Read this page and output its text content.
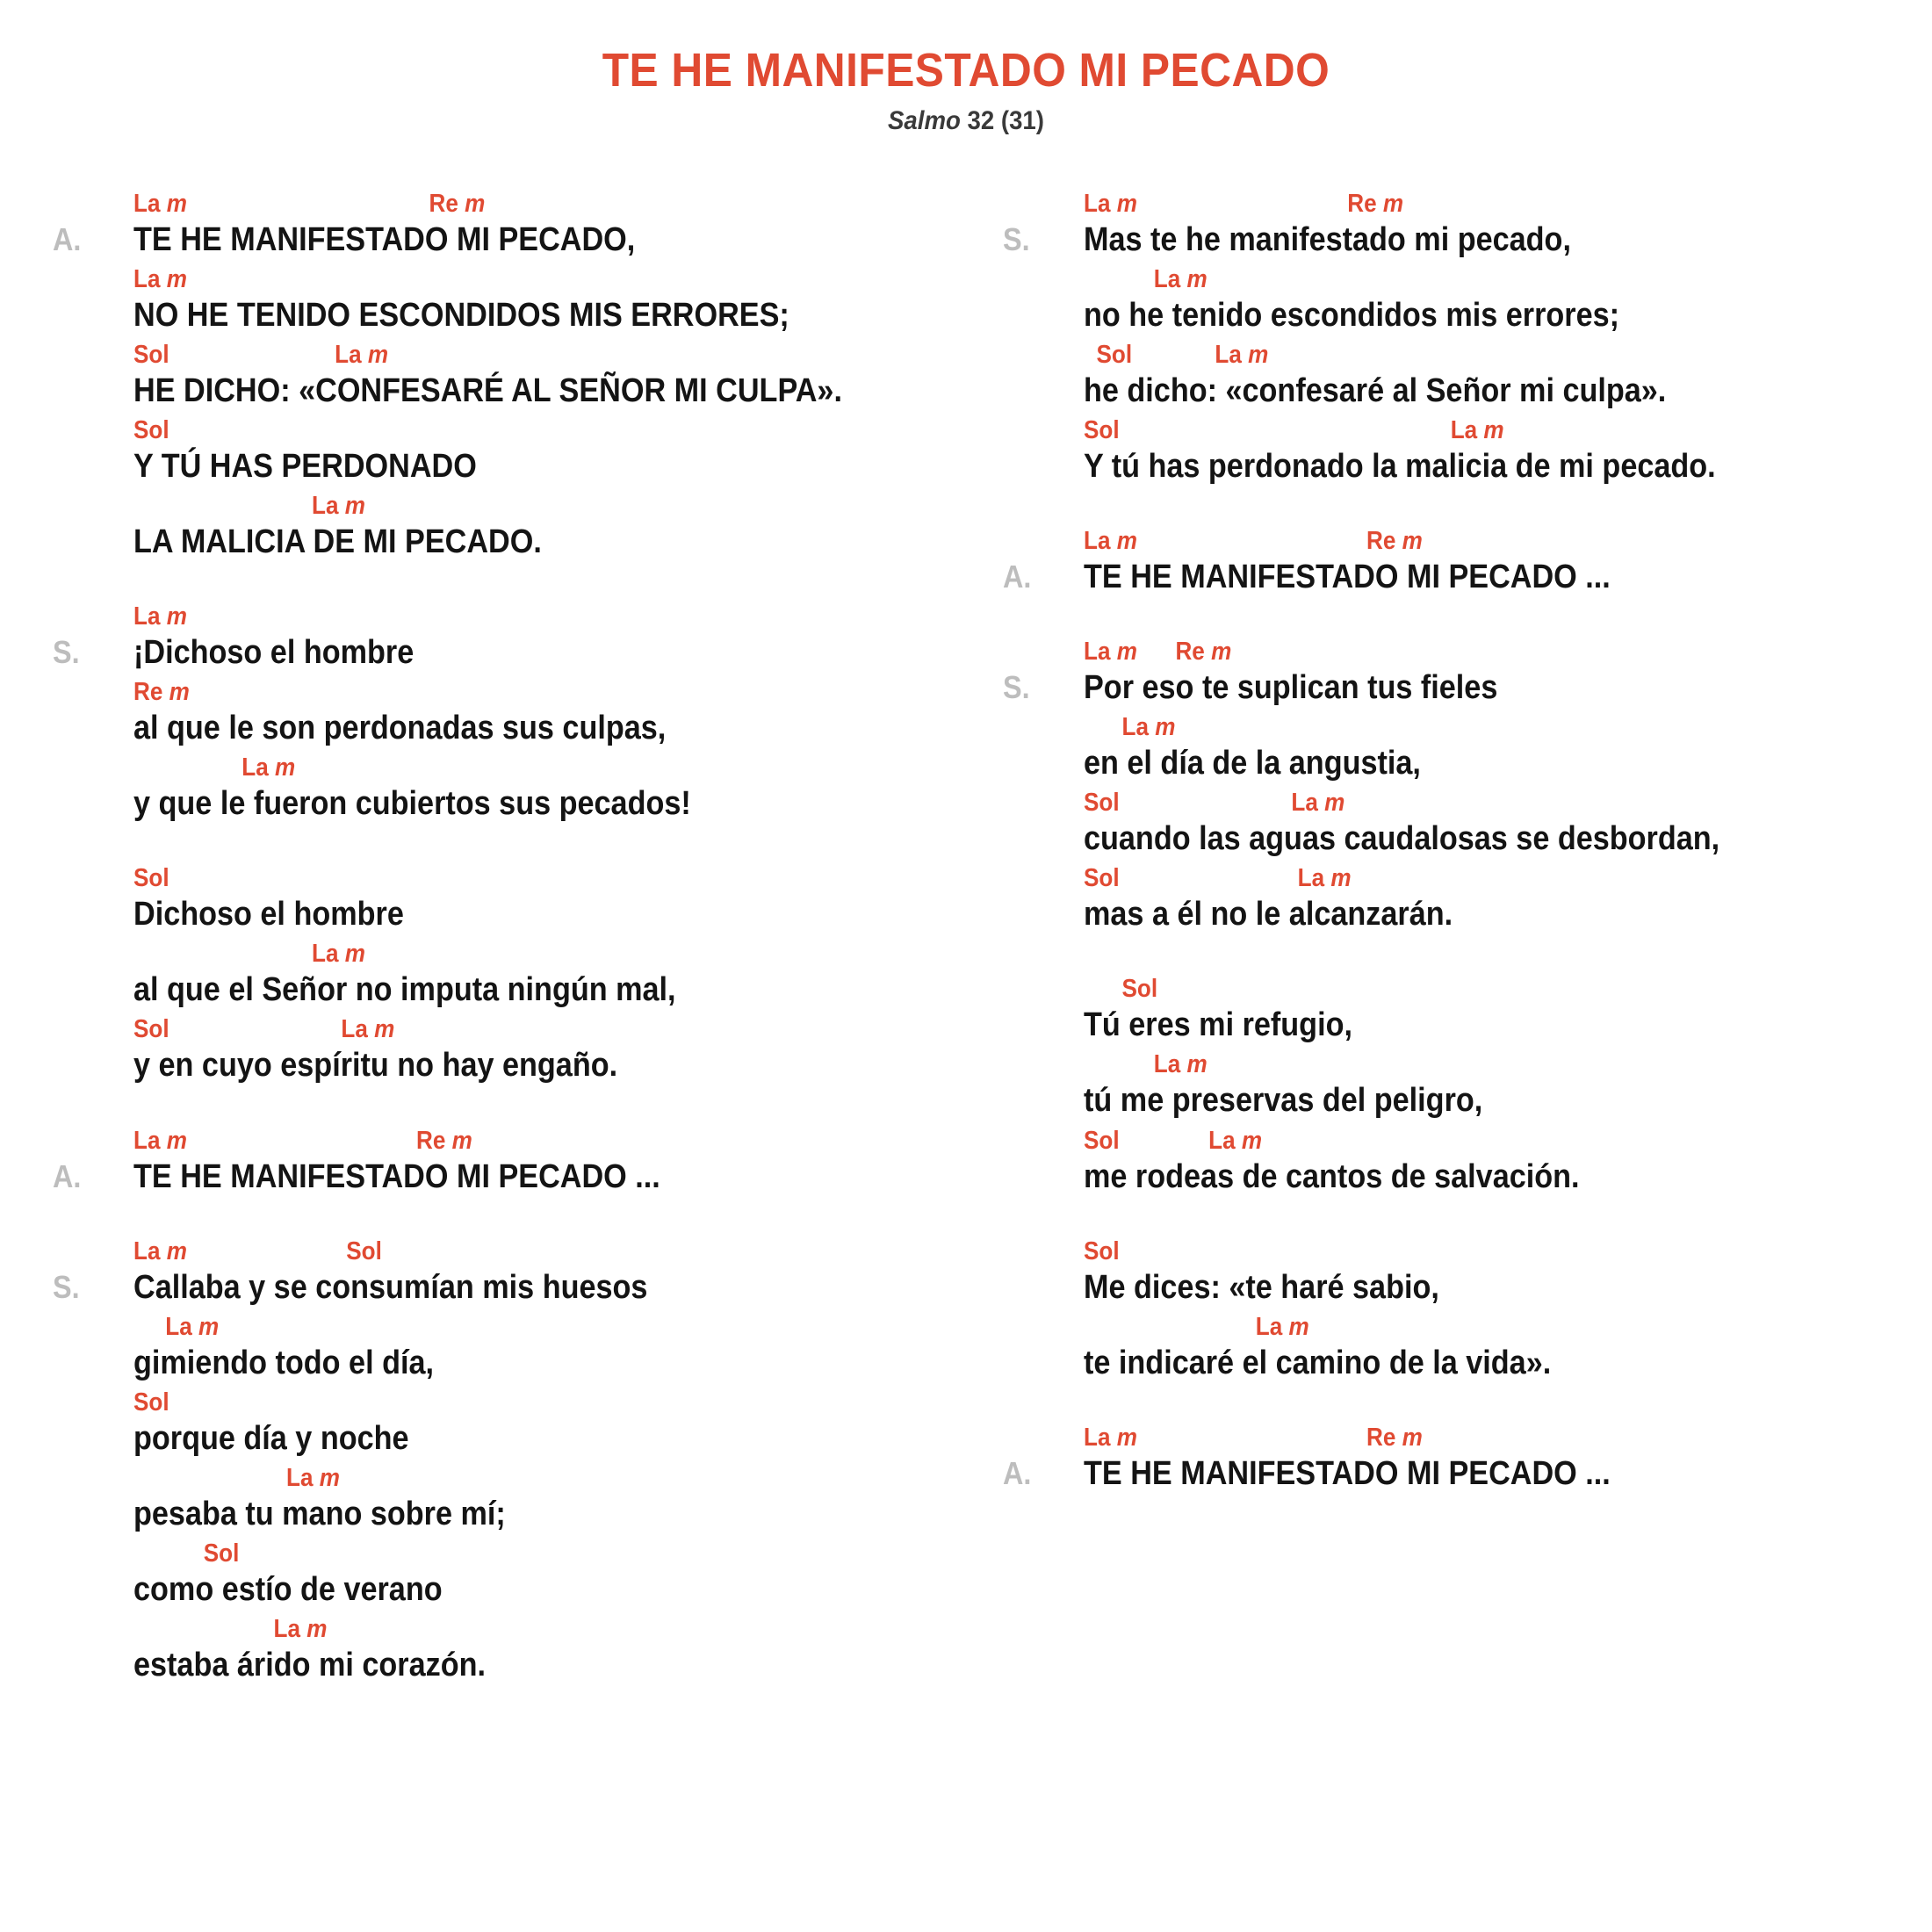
TE HE MANIFESTADO MI PECADO
Salmo 32 (31)
A.
La m	Re m
TE HE MANIFESTADO MI PECADO,
La m
NO HE TENIDO ESCONDIDOS MIS ERRORES;
Sol	La m
HE DICHO: «CONFESARÉ AL SEÑOR MI CULPA».
Sol
Y TÚ HAS PERDONADO
La m
LA MALICIA DE MI PECADO.
S.
La m
¡Dichoso el hombre
Re m
al que le son perdonadas sus culpas,
La m
y que le fueron cubiertos sus pecados!
Sol
Dichoso el hombre
La m
al que el Señor no imputa ningún mal,
Sol	La m
y en cuyo espíritu no hay engaño.
A.
La m	Re m
TE HE MANIFESTADO MI PECADO ...
S.
La m	Sol
Callaba y se consumían mis huesos
La m
gimiendo todo el día,
Sol
porque día y noche
La m
pesaba tu mano sobre mí;
Sol
como estío de verano
La m
estaba árido mi corazón.
S.
La m	Re m
Mas te he manifestado mi pecado,
La m
no he tenido escondidos mis errores;
Sol	La m
he dicho: «confesaré al Señor mi culpa».
Sol	La m
Y tú has perdonado la malicia de mi pecado.
A.
La m	Re m
TE HE MANIFESTADO MI PECADO ...
S.
La m Re m
Por eso te suplican tus fieles
La m
en el día de la angustia,
Sol	La m
cuando las aguas caudalosas se desbordan,
Sol	La m
mas a él no le alcanzarán.
Sol
Tú eres mi refugio,
La m
tú me preservas del peligro,
Sol	La m
me rodeas de cantos de salvación.
Sol
Me dices: «te haré sabio,
La m
te indicaré el camino de la vida».
A.
La m	Re m
TE HE MANIFESTADO MI PECADO ...
